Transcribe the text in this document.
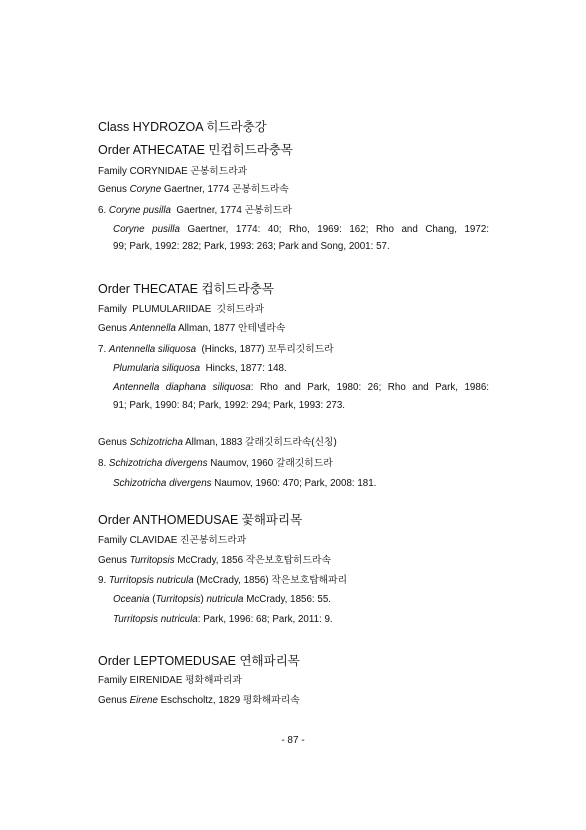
Class HYDROZOA 히드라충강
Order ATHECATAE 민컵히드라충목
Family CORYNIDAE 곤봉히드라과
Genus Coryne Gaertner, 1774 곤봉히드라속
6. Coryne pusilla  Gaertner, 1774 곤봉히드라
Coryne pusilla Gaertner, 1774: 40; Rho, 1969: 162; Rho and Chang, 1972:
99; Park, 1992: 282; Park, 1993: 263; Park and Song, 2001: 57.
Order THECATAE 컵히드라충목
Family  PLUMULARIIDAE  깃히드라과
Genus Antennella Allman, 1877 안테넬라속
7. Antennella siliquosa  (Hincks, 1877) 꼬투리깃히드라
Plumularia siliquosa  Hincks, 1877: 148.
Antennella diaphana siliquosa: Rho and Park, 1980: 26; Rho and Park, 1986:
91; Park, 1990: 84; Park, 1992: 294; Park, 1993: 273.
Genus Schizotricha Allman, 1883 갈래깃히드라속(신칭)
8. Schizotricha divergens Naumov, 1960 갈래깃히드라
Schizotricha divergens Naumov, 1960: 470; Park, 2008: 181.
Order ANTHOMEDUSAE 꽃해파리목
Family CLAVIDAE 진곤봉히드라과
Genus Turritopsis McCrady, 1856 작은보호탑히드라속
9. Turritopsis nutricula (McCrady, 1856) 작은보호탑해파리
Oceania (Turritopsis) nutricula McCrady, 1856: 55.
Turritopsis nutricula: Park, 1996: 68; Park, 2011: 9.
Order LEPTOMEDUSAE 연해파리목
Family EIRENIDAE 평화해파리과
Genus Eirene Eschscholtz, 1829 평화해파리속
- 87 -
